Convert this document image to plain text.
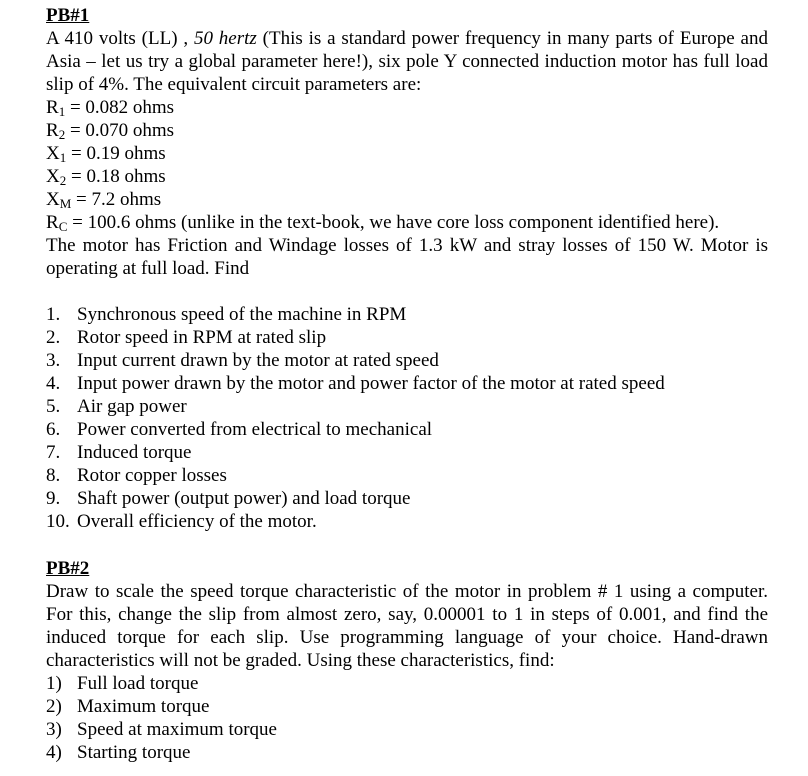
PB#1
A 410 volts (LL) , 50 hertz (This is a standard power frequency in many parts of Europe and Asia – let us try a global parameter here!), six pole Y connected induction motor has full load slip of 4%. The equivalent circuit parameters are:
$R_1 = 0.082$ ohms
$R_2 = 0.070$ ohms
$X_1 = 0.19$ ohms
$X_2 = 0.18$ ohms
$X_M = 7.2$ ohms
$R_C = 100.6$ ohms (unlike in the text-book, we have core loss component identified here).
The motor has Friction and Windage losses of 1.3 kW and stray losses of 150 W. Motor is operating at full load. Find
1. Synchronous speed of the machine in RPM
2. Rotor speed in RPM at rated slip
3. Input current drawn by the motor at rated speed
4. Input power drawn by the motor and power factor of the motor at rated speed
5. Air gap power
6. Power converted from electrical to mechanical
7. Induced torque
8. Rotor copper losses
9. Shaft power (output power) and load torque
10. Overall efficiency of the motor.
PB#2
Draw to scale the speed torque characteristic of the motor in problem # 1 using a computer. For this, change the slip from almost zero, say, 0.00001 to 1 in steps of 0.001, and find the induced torque for each slip. Use programming language of your choice. Hand-drawn characteristics will not be graded. Using these characteristics, find:
1) Full load torque
2) Maximum torque
3) Speed at maximum torque
4) Starting torque
